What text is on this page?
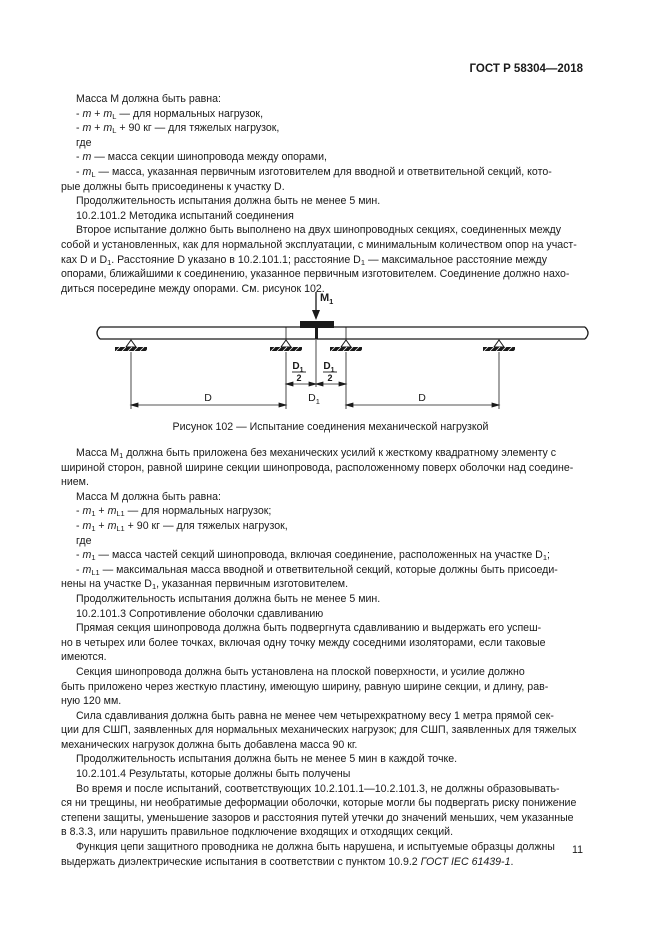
ГОСТ Р 58304—2018
Масса M должна быть равна:
- $m + m_L$ — для нормальных нагрузок,
- $m + m_L + 90$ кг — для тяжелых нагрузок,
где
- m — масса секции шинопровода между опорами,
- $m_L$ — масса, указанная первичным изготовителем для вводной и ответвительной секций, кото-
рые должны быть присоединены к участку D.
Продолжительность испытания должна быть не менее 5 мин.
10.2.101.2 Методика испытаний соединения
Второе испытание должно быть выполнено на двух шинопроводных секциях, соединенных между
собой и установленных, как для нормальной эксплуатации, с минимальным количеством опор на участ-
ках D и $D_1$. Расстояние D указано в 10.2.101.1; расстояние $D_1$ — максимальное расстояние между
опорами, ближайшими к соединению, указанное первичным изготовителем. Соединение должно нахо-
диться посередине между опорами. См. рисунок 102.
$M_1$
D	D
$D_1$
$D_1$
2
$D_1$
2
Рисунок 102 — Испытание соединения механической нагрузкой
Масса $M_1$ должна быть приложена без механических усилий к жесткому квадратному элементу с
шириной сторон, равной ширине секции шинопровода, расположенному поверх оболочки над соедине-
нием.
Масса M должна быть равна:
- $m_1 + m_{L1}$ — для нормальных нагрузок;
- $m_1 + m_{L1} + 90$ кг — для тяжелых нагрузок,
где
- $m_1$ — масса частей секций шинопровода, включая соединение, расположенных на участке $D_1$;
- $m_{L1}$ — максимальная масса вводной и ответвительной секций, которые должны быть присоеди-
нены на участке $D_1$, указанная первичным изготовителем.
Продолжительность испытания должна быть не менее 5 мин.
10.2.101.3 Сопротивление оболочки сдавливанию
Прямая секция шинопровода должна быть подвергнута сдавливанию и выдержать его успеш-
но в четырех или более точках, включая одну точку между соседними изоляторами, если таковые
имеются.
Секция шинопровода должна быть установлена на плоской поверхности, и усилие должно
быть приложено через жесткую пластину, имеющую ширину, равную ширине секции, и длину, рав-
ную 120 мм.
Сила сдавливания должна быть равна не менее чем четырехкратному весу 1 метра прямой сек-
ции для СШП, заявленных для нормальных механических нагрузок; для СШП, заявленных для тяжелых
механических нагрузок должна быть добавлена масса 90 кг.
Продолжительность испытания должна быть не менее 5 мин в каждой точке.
10.2.101.4 Результаты, которые должны быть получены
Во время и после испытаний, соответствующих 10.2.101.1—10.2.101.3, не должны образовывать-
ся ни трещины, ни необратимые деформации оболочки, которые могли бы подвергать риску понижение
степени защиты, уменьшение зазоров и расстояния путей утечки до значений меньших, чем указанные
в 8.3.3, или нарушить правильное подключение входящих и отходящих секций.
Функция цепи защитного проводника не должна быть нарушена, и испытуемые образцы должны
выдержать диэлектрические испытания в соответствии с пунктом 10.9.2 ГОСТ IEC 61439-1.
11
